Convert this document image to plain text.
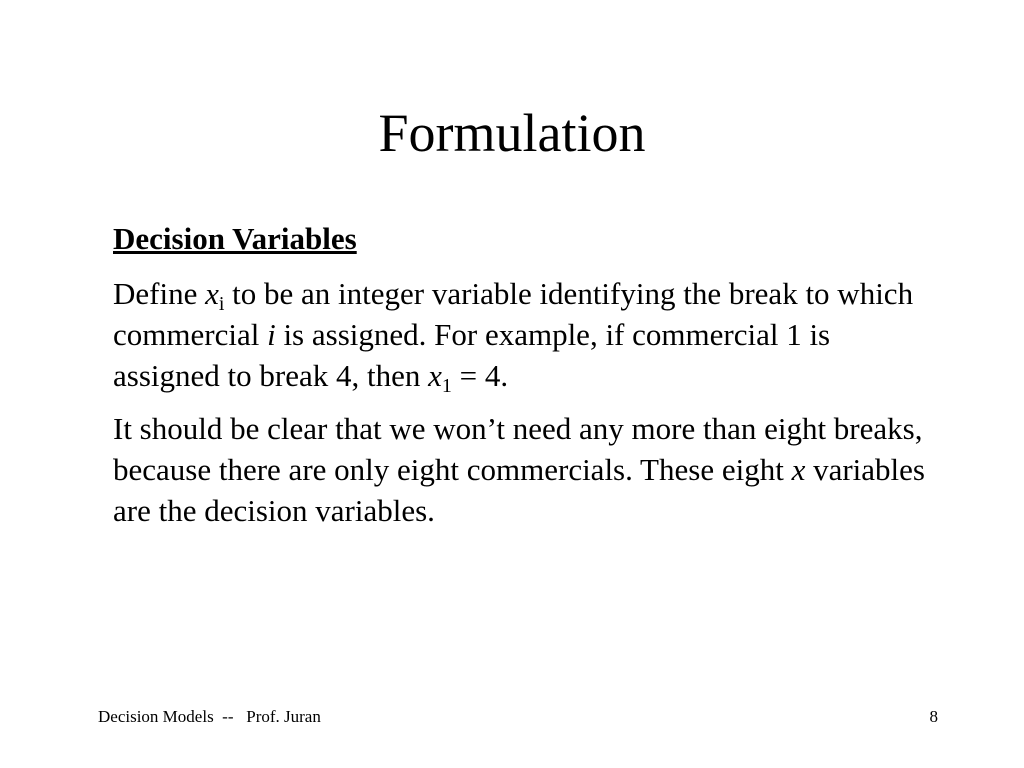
Formulation
Decision Variables
Define $x_i$ to be an integer variable identifying the break to which commercial i is assigned. For example, if commercial 1 is assigned to break 4, then $x_1 = 4$.
It should be clear that we won’t need any more than eight breaks, because there are only eight commercials. These eight x variables are the decision variables.
Decision Models  --   Prof. Juran	8
